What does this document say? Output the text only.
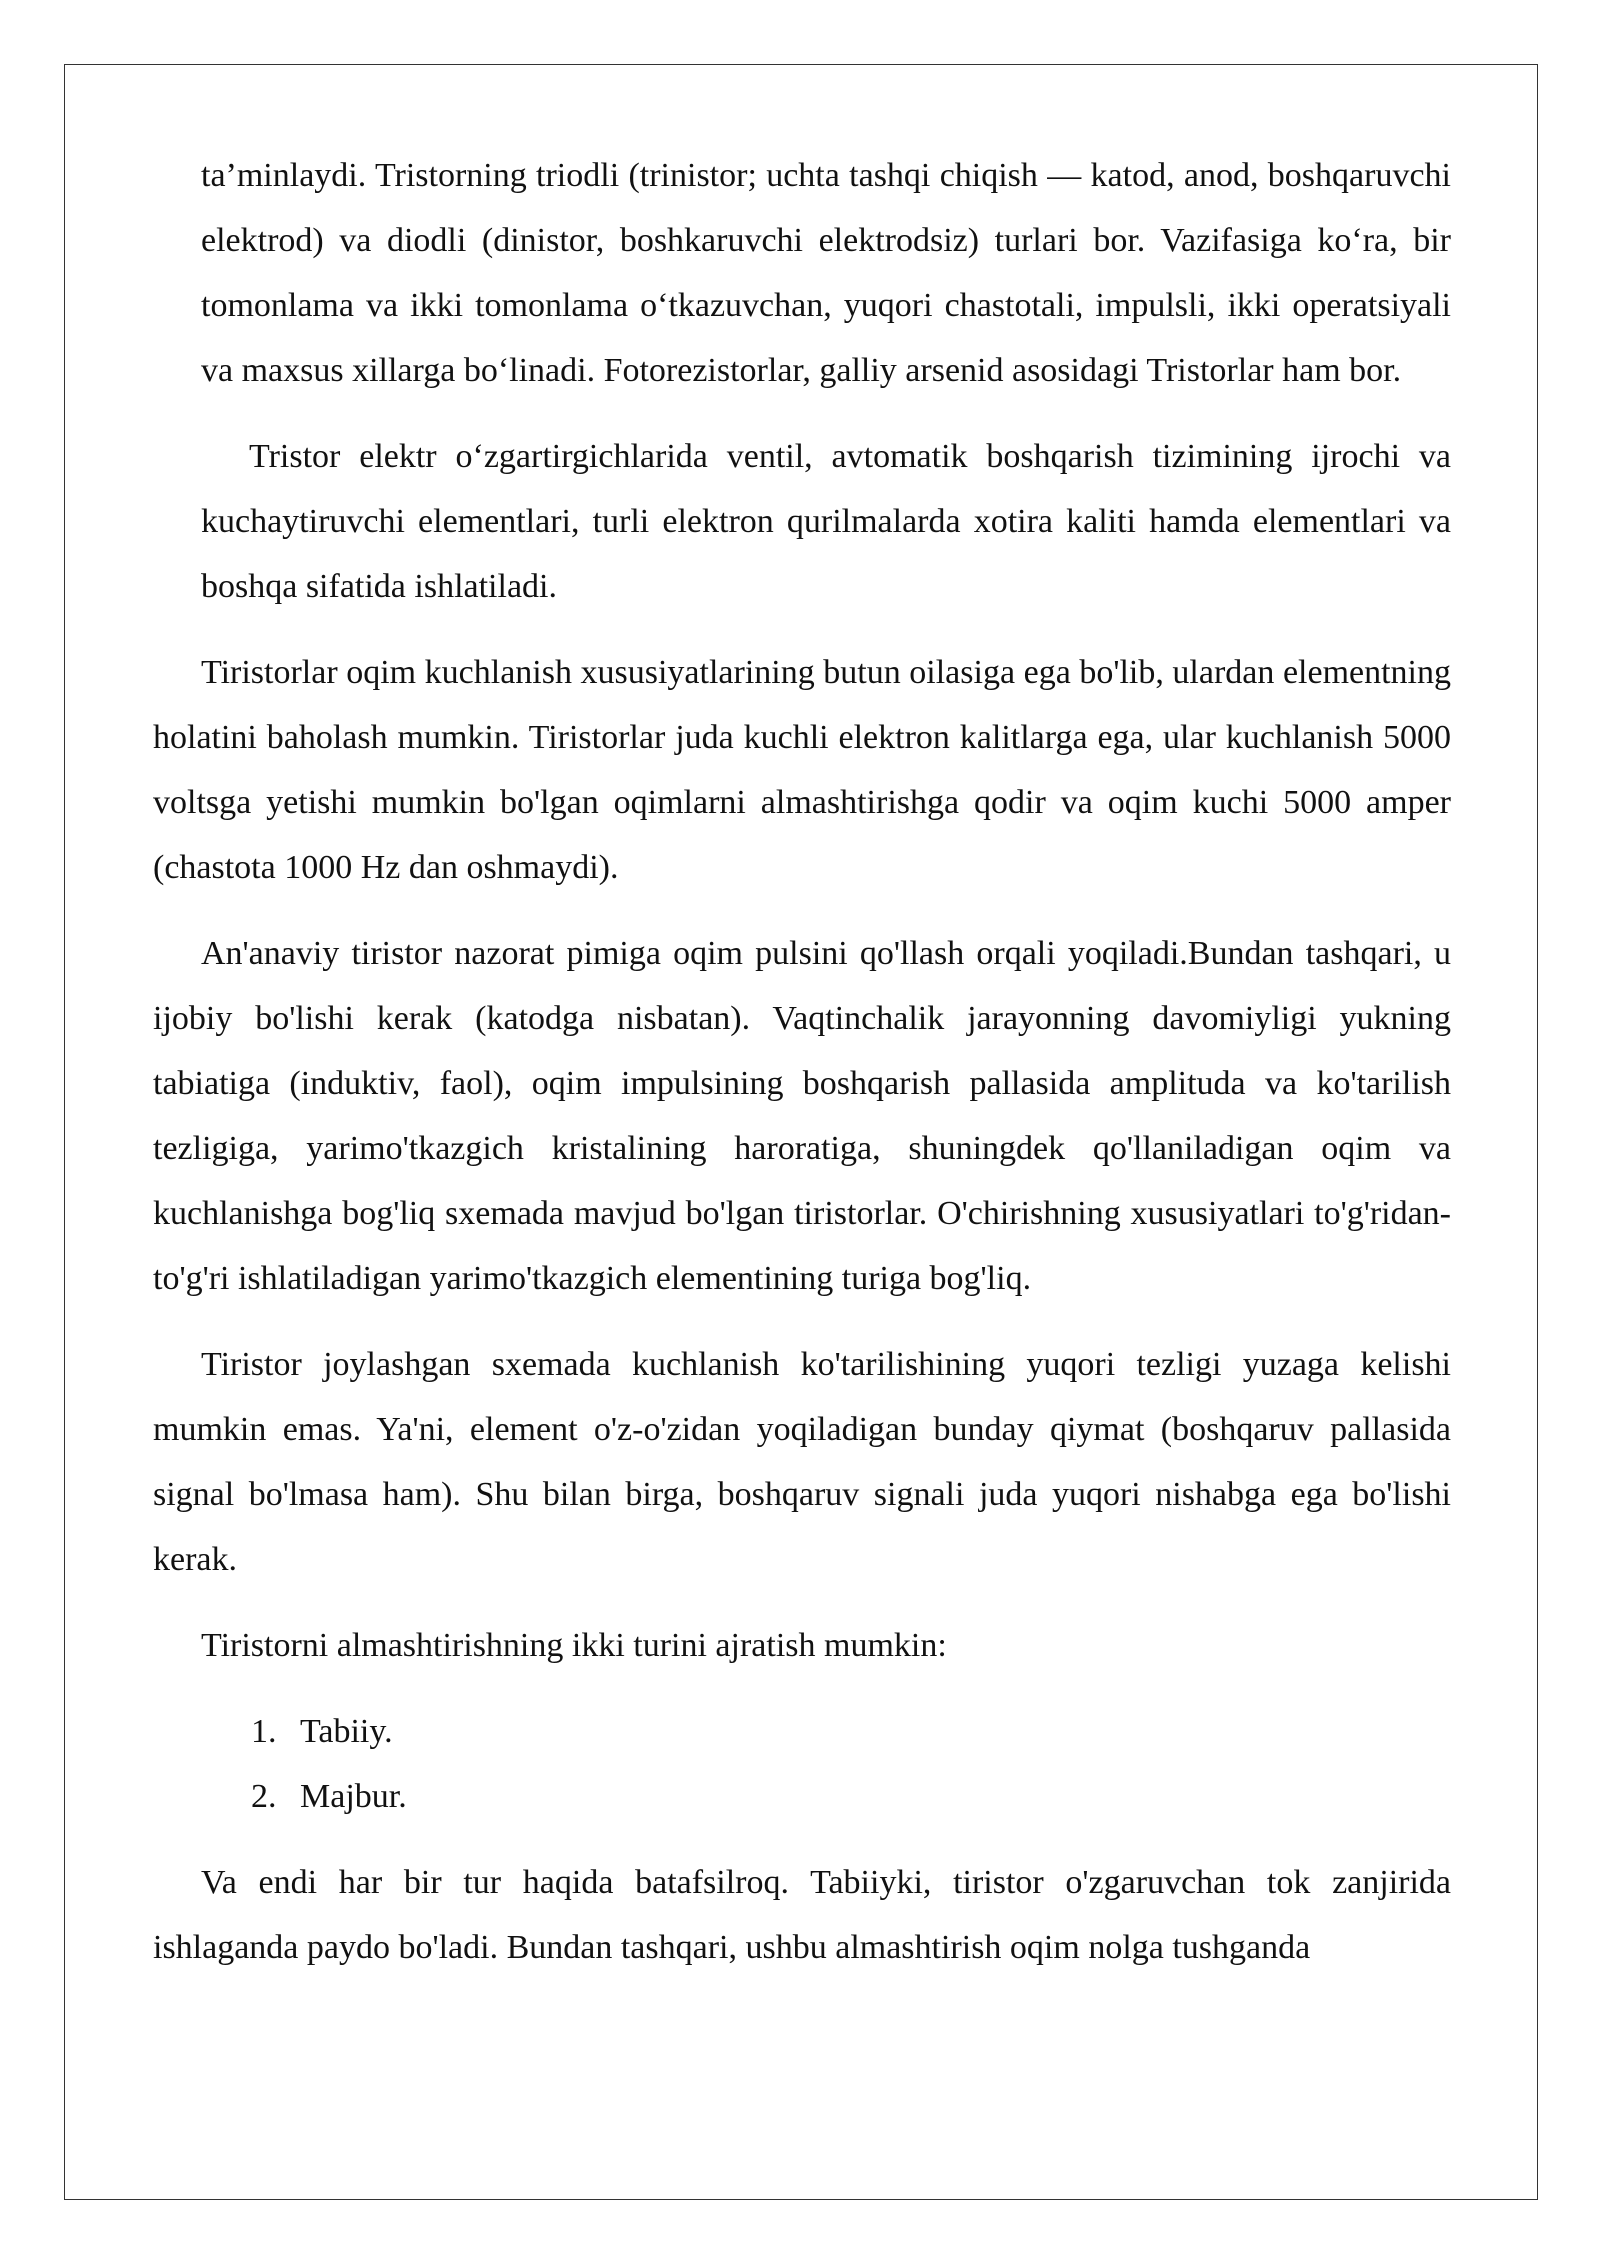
ta’minlaydi. Tristorning triodli (trinistor; uchta tashqi chiqish — katod, anod, boshqaruvchi elektrod) va diodli (dinistor, boshkaruvchi elektrodsiz) turlari bor. Vazifasiga ko‘ra, bir tomonlama va ikki tomonlama o‘tkazuvchan, yuqori chastotali, impulsli, ikki operatsiyali va maxsus xillarga bo‘linadi. Fotorezistorlar, galliy arsenid asosidagi Tristorlar ham bor.

Tristor elektr o‘zgartirgichlarida ventil, avtomatik boshqarish tizimining ijrochi va kuchaytiruvchi elementlari, turli elektron qurilmalarda xotira kaliti hamda elementlari va boshqa sifatida ishlatiladi.

Tiristorlar oqim kuchlanish xususiyatlarining butun oilasiga ega bo'lib, ulardan elementning holatini baholash mumkin. Tiristorlar juda kuchli elektron kalitlarga ega, ular kuchlanish 5000 voltsga yetishi mumkin bo'lgan oqimlarni almashtirishga qodir va oqim kuchi 5000 amper (chastota 1000 Hz dan oshmaydi).

An'anaviy tiristor nazorat pimiga oqim pulsini qo'llash orqali yoqiladi.Bundan tashqari, u ijobiy bo'lishi kerak (katodga nisbatan). Vaqtinchalik jarayonning davomiyligi yukning tabiatiga (induktiv, faol), oqim impulsining boshqarish pallasida amplituda va ko'tarilish tezligiga, yarimo'tkazgich kristalining haroratiga, shuningdek qo'llaniladigan oqim va kuchlanishga bog'liq sxemada mavjud bo'lgan tiristorlar. O'chirishning xususiyatlari to'g'ridan-to'g'ri ishlatiladigan yarimo'tkazgich elementining turiga bog'liq.

Tiristor joylashgan sxemada kuchlanish ko'tarilishining yuqori tezligi yuzaga kelishi mumkin emas. Ya'ni, element o'z-o'zidan yoqiladigan bunday qiymat (boshqaruv pallasida signal bo'lmasa ham). Shu bilan birga, boshqaruv signali juda yuqori nishabga ega bo'lishi kerak.

Tiristorni almashtirishning ikki turini ajratish mumkin:

1. Tabiiy.
2. Majbur.

Va endi har bir tur haqida batafsilroq. Tabiiyki, tiristor o'zgaruvchan tok zanjirida ishlaganda paydo bo'ladi. Bundan tashqari, ushbu almashtirish oqim nolga tushganda
